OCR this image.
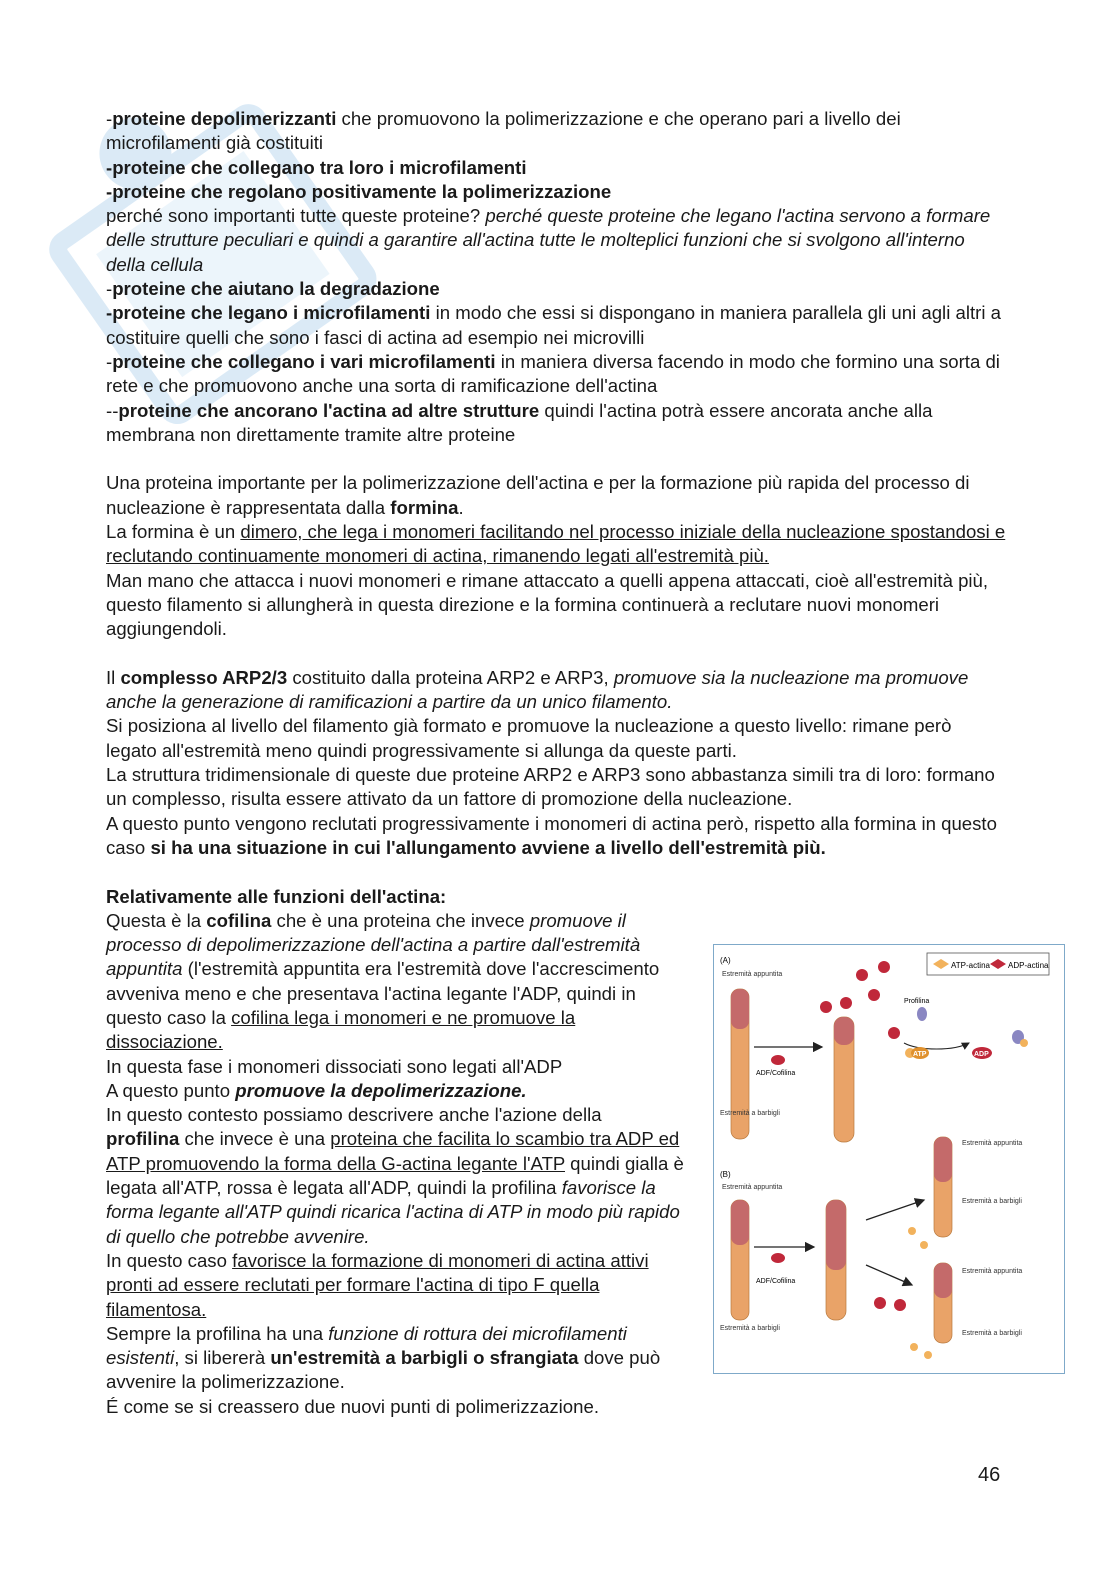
-proteine depolimerizzanti che promuovono la polimerizzazione e che operano pari a livello dei microfilamenti già costituiti

-proteine che collegano tra loro i microfilamenti

-proteine che regolano positivamente la polimerizzazione

perché sono importanti tutte queste proteine? perché queste proteine che legano l'actina servono a formare delle strutture peculiari e quindi a garantire all'actina tutte le molteplici funzioni che si svolgono all'interno della cellula

-proteine che aiutano la degradazione

-proteine che legano i microfilamenti in modo che essi si dispongano in maniera parallela gli uni agli altri a costituire quelli che sono i fasci di actina ad esempio nei microvilli

-proteine che collegano i vari microfilamenti in maniera diversa facendo in modo che formino una sorta di rete e che promuovono anche una sorta di ramificazione dell'actina

--proteine che ancorano l'actina ad altre strutture quindi l'actina potrà essere ancorata anche alla membrana non direttamente tramite altre proteine

Una proteina importante per la polimerizzazione dell'actina e per la formazione più rapida del processo di nucleazione è rappresentata dalla formina.

La formina è un dimero, che lega i monomeri facilitando nel processo iniziale della nucleazione spostandosi e reclutando continuamente monomeri di actina, rimanendo legati all'estremità più.

Man mano che attacca i nuovi monomeri e rimane attaccato a quelli appena attaccati, cioè all'estremità più, questo filamento si allungherà in questa direzione e la formina continuerà a reclutare nuovi monomeri aggiungendoli.

Il complesso ARP2/3 costituito dalla proteina ARP2 e ARP3, promuove sia la nucleazione ma promuove anche la generazione di ramificazioni a partire da un unico filamento.

Si posiziona al livello del filamento già formato e promuove la nucleazione a questo livello: rimane però legato all'estremità meno quindi progressivamente si allunga da queste parti.

La struttura tridimensionale di queste due proteine ARP2 e ARP3 sono abbastanza simili tra di loro: formano un complesso, risulta essere attivato da un fattore di promozione della nucleazione.

A questo punto vengono reclutati progressivamente i monomeri di actina però, rispetto alla formina in questo caso si ha una situazione in cui l'allungamento avviene a livello dell'estremità più.

Relativamente alle funzioni dell'actina:

Questa è la cofilina che è una proteina che invece promuove il processo di depolimerizzazione dell'actina a partire dall'estremità appuntita (l'estremità appuntita era l'estremità dove l'accrescimento avveniva meno e che presentava l'actina legante l'ADP, quindi in questo caso la cofilina lega i monomeri e ne promuove la dissociazione.

In questa fase i monomeri dissociati sono legati all'ADP

A questo punto promuove la depolimerizzazione.

In questo contesto possiamo descrivere anche l'azione della

profilina che invece è una proteina che facilita lo scambio tra ADP ed ATP promuovendo la forma della G-actina legante l'ATP quindi gialla è legata all'ATP, rossa è legata all'ADP, quindi la profilina favorisce la forma legante all'ATP quindi ricarica l'actina di ATP in modo più rapido di quello che potrebbe avvenire.

In questo caso favorisce la formazione di monomeri di actina attivi pronti ad essere reclutati per formare l'actina di tipo F quella filamentosa.

Sempre la profilina ha una funzione di rottura dei microfilamenti esistenti, si libererà un'estremità a barbigli o sfrangiata dove può avvenire la polimerizzazione.

É come se si creassero due nuovi punti di polimerizzazione.

ATP-actina ADP-actina
(A)
Estremità appuntita
ADF/Cofilina
Estremità a barbigli
Profilina
ATP	ADP
(B)
Estremità appuntita
ADF/Cofilina
Estremità a barbigli
Estremità appuntita
Estremità a barbigli
Estremità appuntita
Estremità a barbigli
46
